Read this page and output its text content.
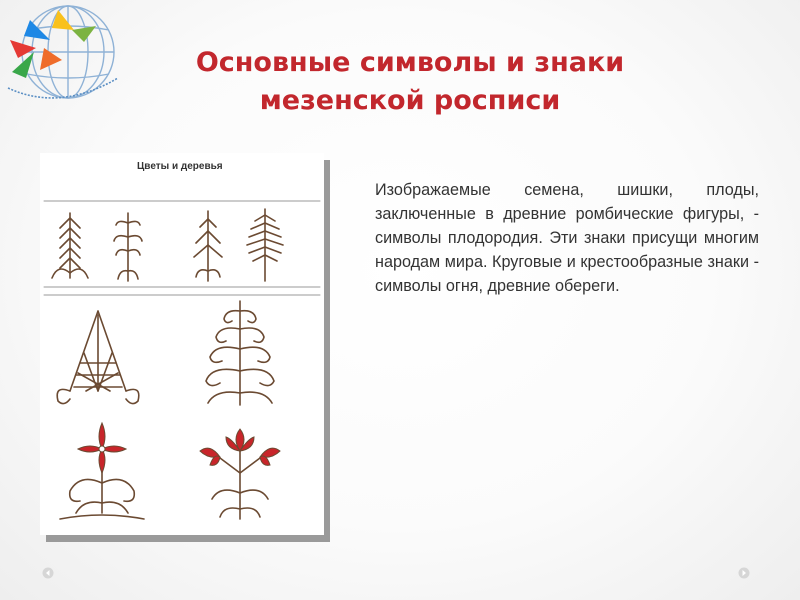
Основные символы и знаки
мезенской росписи
Цветы и деревья

Изображаемые семена, шишки, плоды, заключенные в древние ромбические фигуры, - символы плодородия. Эти знаки присущи многим народам мира. Круговые и крестообразные знаки - символы огня, древние обереги.
